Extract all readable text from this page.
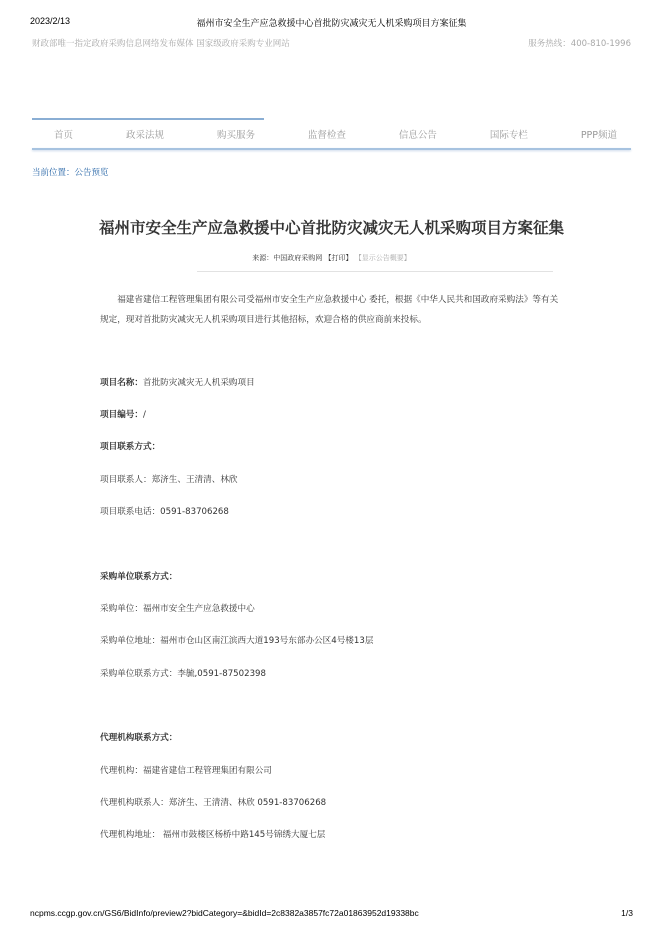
2023/2/13	福州市安全生产应急救援中心首批防灾减灾无人机采购项目方案征集
财政部唯一指定政府采购信息网络发布媒体 国家级政府采购专业网站	服务热线：400-810-1996
首页	政采法规	购买服务	监督检查	信息公告	国际专栏	PPP频道
当前位置：公告预览
福州市安全生产应急救援中心首批防灾减灾无人机采购项目方案征集
来源：中国政府采购网 【打印】 【显示公告概要】
福建省建信工程管理集团有限公司受福州市安全生产应急救援中心 委托，根据《中华人民共和国政府采购法》等有关规定，现对首批防灾减灾无人机采购项目进行其他招标，欢迎合格的供应商前来投标。
项目名称：首批防灾减灾无人机采购项目
项目编号：/
项目联系方式：
项目联系人：郑济生、王清清、林欣
项目联系电话：0591-83706268
采购单位联系方式：
采购单位：福州市安全生产应急救援中心
采购单位地址：福州市仓山区南江滨西大道193号东部办公区4号楼13层
采购单位联系方式：李毓,0591-87502398
代理机构联系方式：
代理机构：福建省建信工程管理集团有限公司
代理机构联系人：郑济生、王清清、林欣 0591-83706268
代理机构地址： 福州市鼓楼区杨桥中路145号锦绣大厦七层
ncpms.ccgp.gov.cn/GS6/BidInfo/preview2?bidCategory=&bidId=2c8382a3857fc72a01863952d19338bc	1/3
